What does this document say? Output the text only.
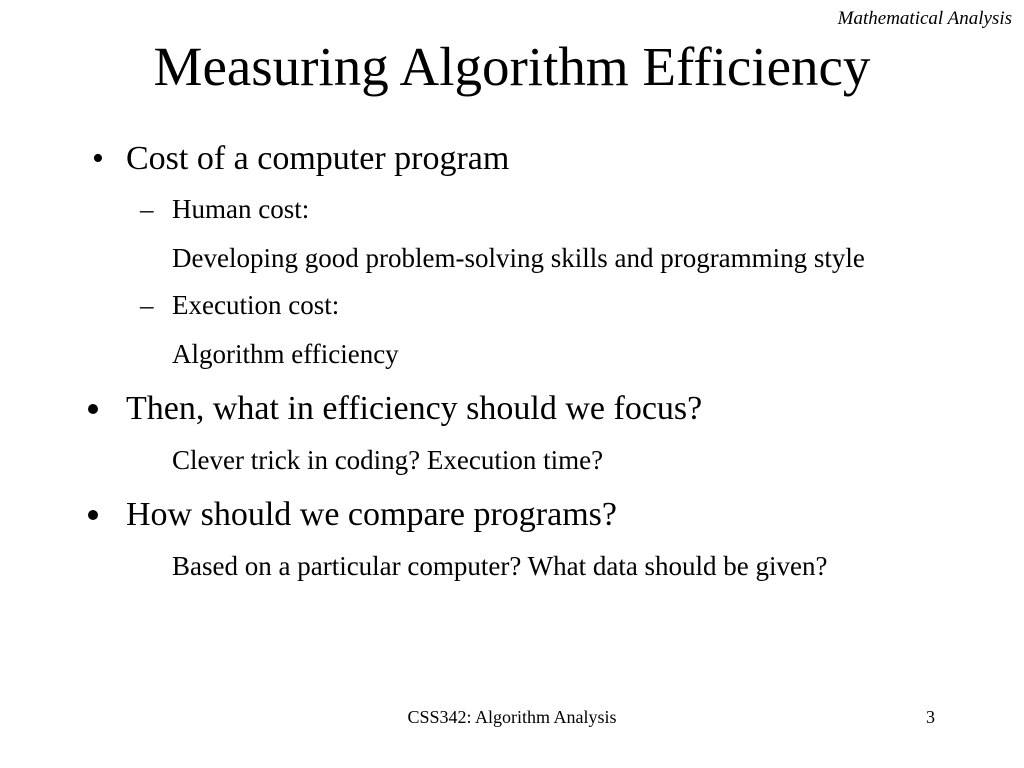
Mathematical Analysis
Measuring Algorithm Efficiency
• Cost of a computer program
– Human cost:
Developing good problem-solving skills and programming style
– Execution cost:
Algorithm efficiency
Then, what in efficiency should we focus?
Clever trick in coding? Execution time?
How should we compare programs?
Based on a particular computer? What data should be given?
CSS342: Algorithm Analysis	3
